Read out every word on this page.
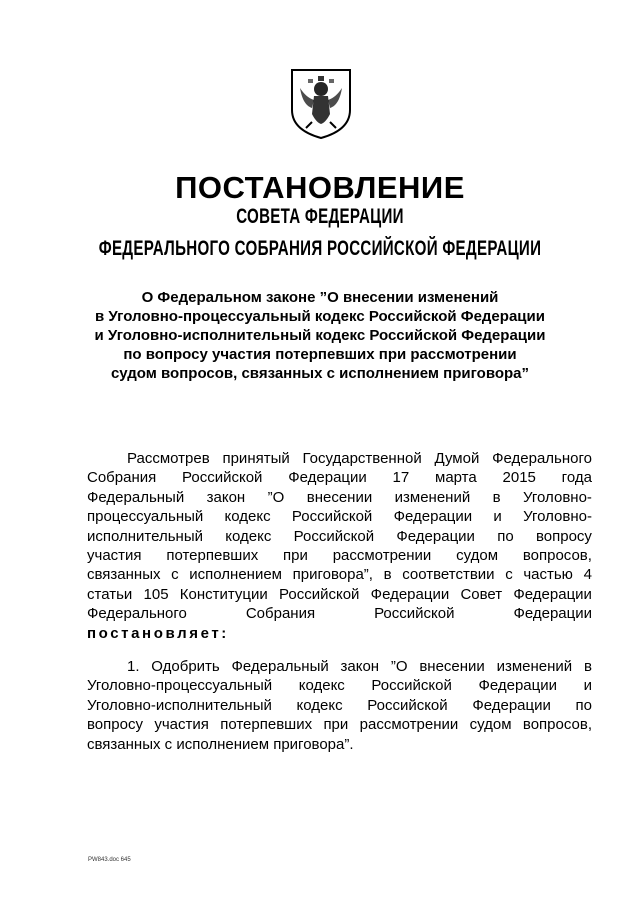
ПОСТАНОВЛЕНИЕ
СОВЕТА ФЕДЕРАЦИИ
ФЕДЕРАЛЬНОГО СОБРАНИЯ РОССИЙСКОЙ ФЕДЕРАЦИИ
О Федеральном законе ”О внесении изменений
в Уголовно-процессуальный кодекс Российской Федерации
и Уголовно-исполнительный кодекс Российской Федерации
по вопросу участия потерпевших при рассмотрении
судом вопросов, связанных с исполнением приговора”
Рассмотрев принятый Государственной Думой Федерального
Собрания Российской Федерации 17 марта 2015 года
Федеральный закон ”О внесении изменений в Уголовно-
процессуальный кодекс Российской Федерации и Уголовно-
исполнительный кодекс Российской Федерации по вопросу
участия потерпевших при рассмотрении судом вопросов,
связанных с исполнением приговора”, в соответствии с частью 4
статьи 105 Конституции Российской Федерации Совет Федерации
Федерального	Собрания	Российской	Федерации
постановляет:
1. Одобрить Федеральный закон ”О внесении изменений в
Уголовно-процессуальный кодекс Российской Федерации и
Уголовно-исполнительный кодекс Российской Федерации по
вопросу участия потерпевших при рассмотрении судом вопросов,
связанных с исполнением приговора”.
PW843.doc 645
